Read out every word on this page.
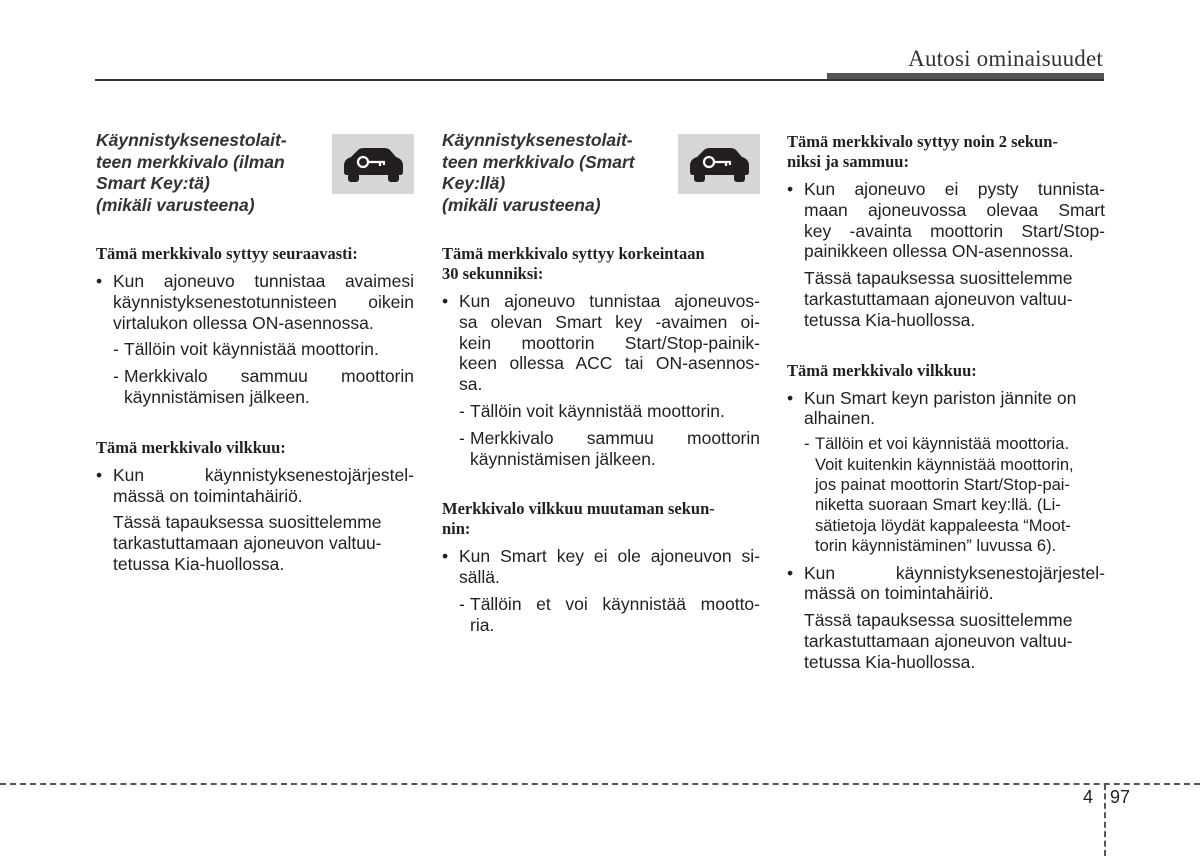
Autosi ominaisuudet
Käynnistyksenestolait-
teen merkkivalo (ilman
Smart Key:tä)
(mikäli varusteena)
Tämä merkkivalo syttyy seuraavasti:
• Kun ajoneuvo tunnistaa avaimesi
käynnistyksenestotunnisteen oikein
virtalukon ollessa ON-asennossa.
- Tällöin voit käynnistää moottorin.
- Merkkivalo sammuu moottorin
käynnistämisen jälkeen.
Tämä merkkivalo vilkkuu:
• Kun käynnistyksenestojärjestel-
mässä on toimintahäiriö.
Tässä tapauksessa suosittelemme
tarkastuttamaan ajoneuvon valtuu-
tetussa Kia-huollossa.
Käynnistyksenestolait-
teen merkkivalo (Smart
Key:llä)
(mikäli varusteena)
Tämä merkkivalo syttyy korkeintaan
30 sekunniksi:
• Kun ajoneuvo tunnistaa ajoneuvos-
sa olevan Smart key -avaimen oi-
kein moottorin Start/Stop-painik-
keen ollessa ACC tai ON-asennos-
sa.
- Tällöin voit käynnistää moottorin.
- Merkkivalo sammuu moottorin
käynnistämisen jälkeen.
Merkkivalo vilkkuu muutaman sekun-
nin:
• Kun Smart key ei ole ajoneuvon si-
sällä.
- Tällöin et voi käynnistää mootto-
ria.
Tämä merkkivalo syttyy noin 2 sekun-
niksi ja sammuu:
• Kun ajoneuvo ei pysty tunnista-
maan ajoneuvossa olevaa Smart
key -avainta moottorin Start/Stop-
painikkeen ollessa ON-asennossa.
Tässä tapauksessa suosittelemme
tarkastuttamaan ajoneuvon valtuu-
tetussa Kia-huollossa.
Tämä merkkivalo vilkkuu:
• Kun Smart keyn pariston jännite on
alhainen.
- Tällöin et voi käynnistää moottoria.
Voit kuitenkin käynnistää moottorin,
jos painat moottorin Start/Stop-pai-
niketta suoraan Smart key:llä. (Li-
sätietoja löydät kappaleesta “Moot-
torin käynnistäminen” luvussa 6).
• Kun käynnistyksenestojärjestel-
mässä on toimintahäiriö.
Tässä tapauksessa suosittelemme
tarkastuttamaan ajoneuvon valtuu-
tetussa Kia-huollossa.
4 97
